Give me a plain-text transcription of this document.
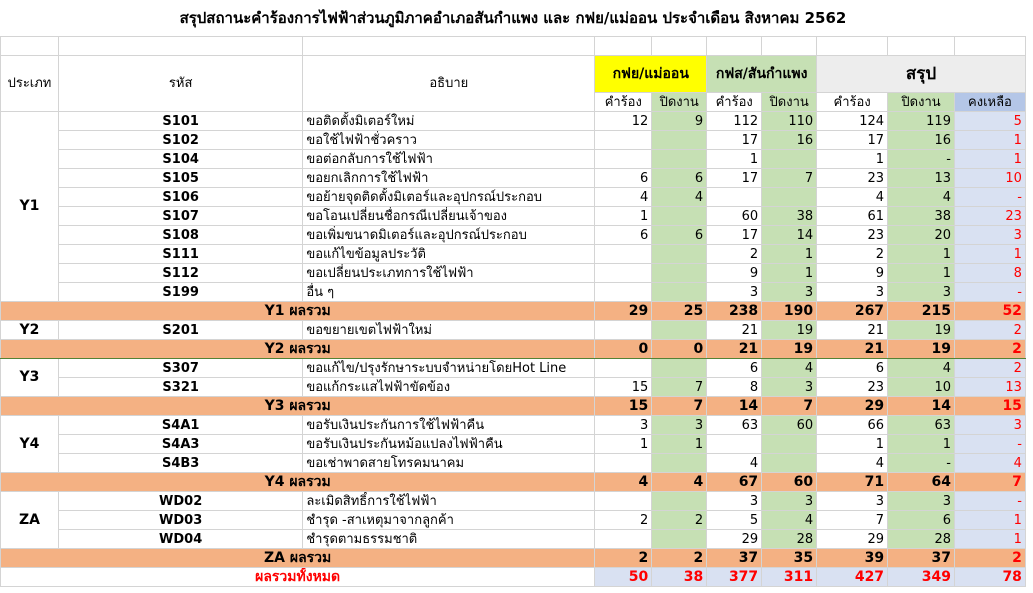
สรุปสถานะคำร้องการไฟฟ้าส่วนภูมิภาคอำเภอสันกำแพง และ กฟย/แม่ออน ประจำเดือน สิงหาคม 2562										

ประเภท	รหัส	อธิบาย	กฟย/แม่ออน		กฟส/สันกำแพง		สรุป			
			คำร้อง	ปิดงาน	คำร้อง	ปิดงาน	คำร้อง	ปิดงาน	คงเหลือ	
Y1	S101	ขอติดตั้งมิเตอร์ใหม่	12	9	112	110	124	119	5	
	S102	ขอใช้ไฟฟ้าชั่วคราว			17	16	17	16	1	
	S104	ขอต่อกลับการใช้ไฟฟ้า			1		1	-	1	
	S105	ขอยกเลิกการใช้ไฟฟ้า	6	6	17	7	23	13	10	
	S106	ขอย้ายจุดติดตั้งมิเตอร์และอุปกรณ์ประกอบ	4	4			4	4	-	
	S107	ขอโอนเปลี่ยนชื่อกรณีเปลี่ยนเจ้าของ	1		60	38	61	38	23	
	S108	ขอเพิ่มขนาดมิเตอร์และอุปกรณ์ประกอบ	6	6	17	14	23	20	3	
	S111	ขอแก้ไขข้อมูลประวัติ			2	1	2	1	1	
	S112	ขอเปลี่ยนประเภทการใช้ไฟฟ้า			9	1	9	1	8	
	S199	อื่น ๆ			3	3	3	3	-	
Y1 ผลรวม			29	25	238	190	267	215	52	
Y2	S201	ขอขยายเขตไฟฟ้าใหม่			21	19	21	19	2	
Y2 ผลรวม			0	0	21	19	21	19	2	
Y3	S307	ขอแก้ไข/ปรุงรักษาระบบจำหน่ายโดยHot Line			6	4	6	4	2	
	S321	ขอแก้กระแสไฟฟ้าขัดข้อง	15	7	8	3	23	10	13	
Y3 ผลรวม			15	7	14	7	29	14	15	
Y4	S4A1	ขอรับเงินประกันการใช้ไฟฟ้าคืน	3	3	63	60	66	63	3	
	S4A3	ขอรับเงินประกันหม้อแปลงไฟฟ้าคืน	1	1			1	1	-	
	S4B3	ขอเช่าพาดสายโทรคมนาคม			4		4	-	4	
Y4 ผลรวม			4	4	67	60	71	64	7	
ZA	WD02	ละเมิดสิทธิ์การใช้ไฟฟ้า			3	3	3	3	-	
	WD03	ชำรุด -สาเหตุมาจากลูกค้า	2	2	5	4	7	6	1	
	WD04	ชำรุดตามธรรมชาติ			29	28	29	28	1	
ZA ผลรวม			2	2	37	35	39	37	2	
ผลรวมทั้งหมด			50	38	377	311	427	349	78	
